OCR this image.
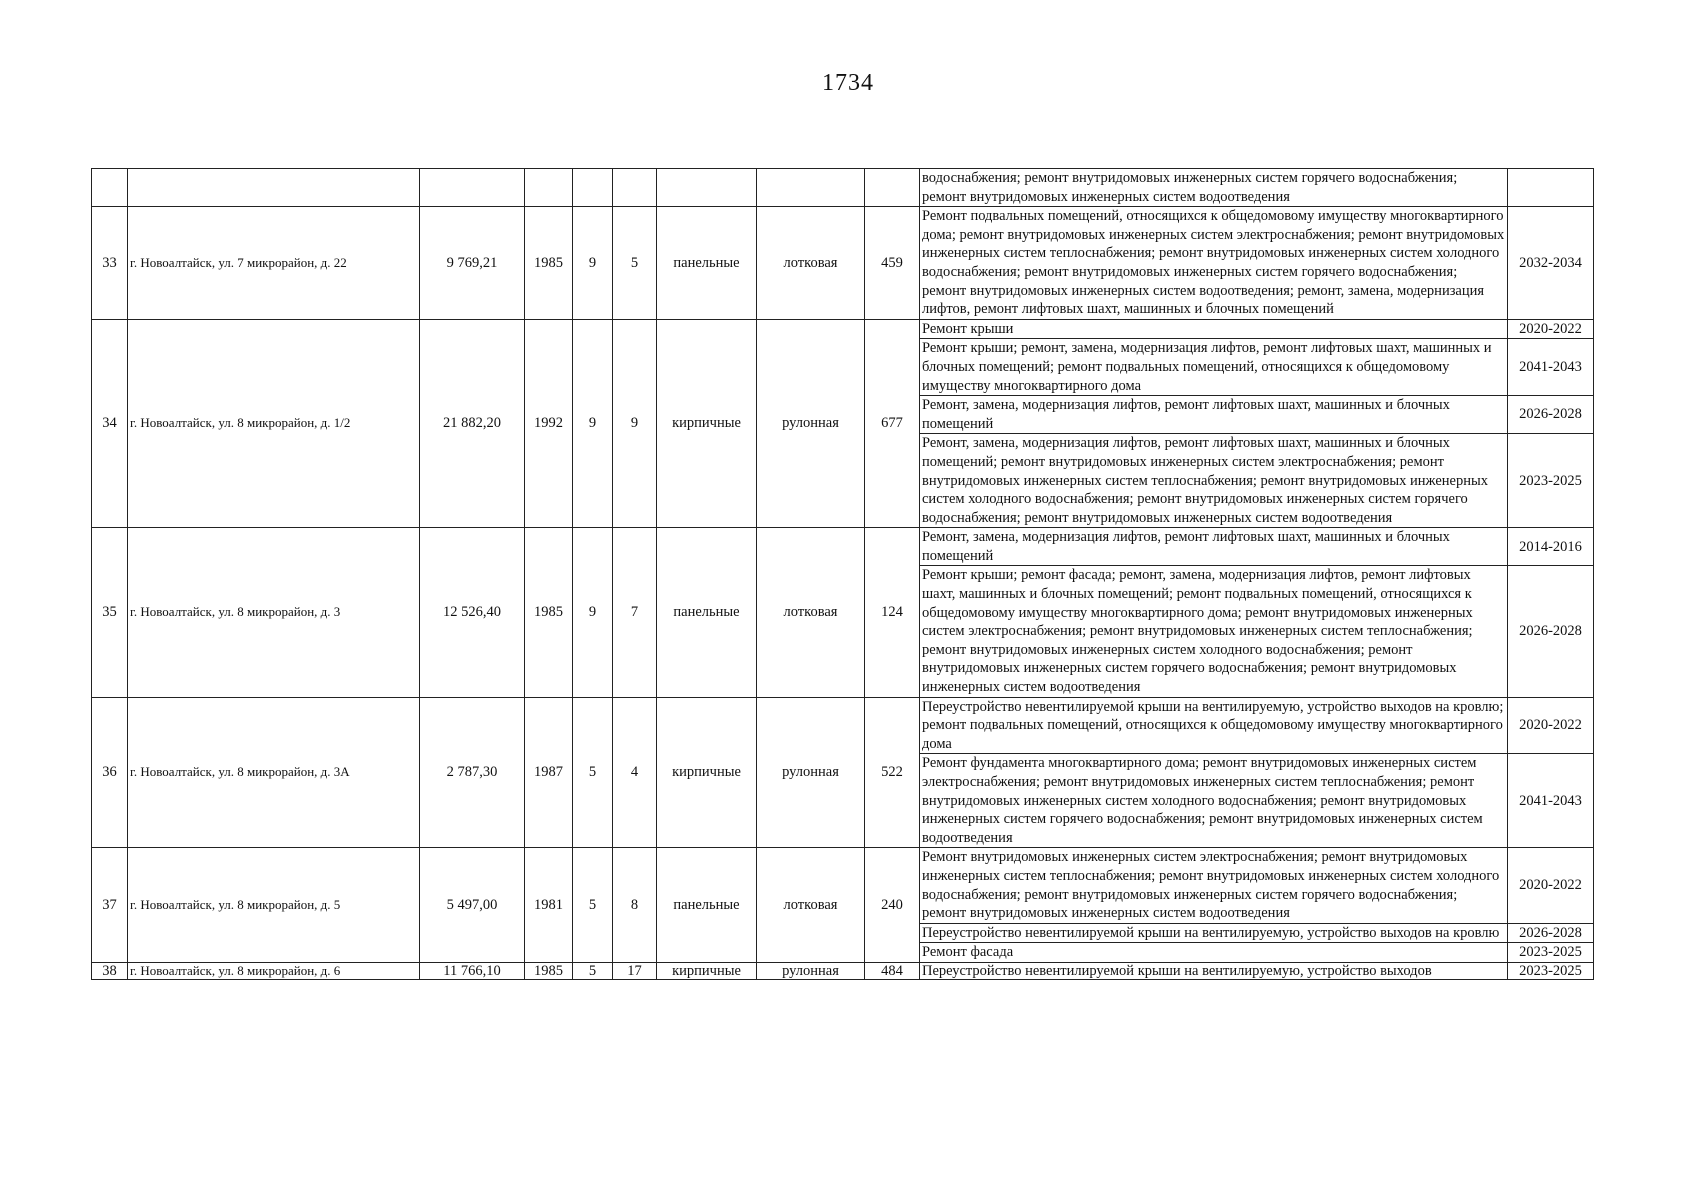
1734
									водоснабжения; ремонт внутридомовых инженерных систем горячего водоснабжения; ремонт внутридомовых инженерных систем водоотведения	
33	г. Новоалтайск, ул. 7 микрорайон, д. 22	9 769,21	1985	9	5	панельные	лотковая	459	Ремонт подвальных помещений, относящихся к общедомовому имуществу многоквартирного дома; ремонт внутридомовых инженерных систем электроснабжения; ремонт внутридомовых инженерных систем теплоснабжения; ремонт внутридомовых инженерных систем холодного водоснабжения; ремонт внутридомовых инженерных систем горячего водоснабжения; ремонт внутридомовых инженерных систем водоотведения; ремонт, замена, модернизация лифтов, ремонт лифтовых шахт, машинных и блочных помещений	2032-2034
34	г. Новоалтайск, ул. 8 микрорайон, д. 1/2	21 882,20	1992	9	9	кирпичные	рулонная	677	Ремонт крыши	2020-2022
									Ремонт крыши; ремонт, замена, модернизация лифтов, ремонт лифтовых шахт, машинных и блочных помещений; ремонт подвальных помещений, относящихся к общедомовому имуществу многоквартирного дома	2041-2043
									Ремонт, замена, модернизация лифтов, ремонт лифтовых шахт, машинных и блочных помещений	2026-2028
									Ремонт, замена, модернизация лифтов, ремонт лифтовых шахт, машинных и блочных помещений; ремонт внутридомовых инженерных систем электроснабжения; ремонт внутридомовых инженерных систем теплоснабжения; ремонт внутридомовых инженерных систем холодного водоснабжения; ремонт внутридомовых инженерных систем горячего водоснабжения; ремонт внутридомовых инженерных систем водоотведения	2023-2025
35	г. Новоалтайск, ул. 8 микрорайон, д. 3	12 526,40	1985	9	7	панельные	лотковая	124	Ремонт, замена, модернизация лифтов, ремонт лифтовых шахт, машинных и блочных помещений	2014-2016
									Ремонт крыши; ремонт фасада; ремонт, замена, модернизация лифтов, ремонт лифтовых шахт, машинных и блочных помещений; ремонт подвальных помещений, относящихся к общедомовому имуществу многоквартирного дома; ремонт внутридомовых инженерных систем электроснабжения; ремонт внутридомовых инженерных систем теплоснабжения; ремонт внутридомовых инженерных систем холодного водоснабжения; ремонт внутридомовых инженерных систем горячего водоснабжения; ремонт внутридомовых инженерных систем водоотведения	2026-2028
36	г. Новоалтайск, ул. 8 микрорайон, д. 3А	2 787,30	1987	5	4	кирпичные	рулонная	522	Переустройство невентилируемой крыши на вентилируемую, устройство выходов на кровлю; ремонт подвальных помещений, относящихся к общедомовому имуществу многоквартирного дома	2020-2022
									Ремонт фундамента многоквартирного дома; ремонт внутридомовых инженерных систем электроснабжения; ремонт внутридомовых инженерных систем теплоснабжения; ремонт внутридомовых инженерных систем холодного водоснабжения; ремонт внутридомовых инженерных систем горячего водоснабжения; ремонт внутридомовых инженерных систем водоотведения	2041-2043
37	г. Новоалтайск, ул. 8 микрорайон, д. 5	5 497,00	1981	5	8	панельные	лотковая	240	Ремонт внутридомовых инженерных систем электроснабжения; ремонт внутридомовых инженерных систем теплоснабжения; ремонт внутридомовых инженерных систем холодного водоснабжения; ремонт внутридомовых инженерных систем горячего водоснабжения; ремонт внутридомовых инженерных систем водоотведения	2020-2022
									Переустройство невентилируемой крыши на вентилируемую, устройство выходов на кровлю	2026-2028
									Ремонт фасада	2023-2025
38	г. Новоалтайск, ул. 8 микрорайон, д. 6	11 766,10	1985	5	17	кирпичные	рулонная	484	Переустройство невентилируемой крыши на вентилируемую, устройство выходов	2023-2025
